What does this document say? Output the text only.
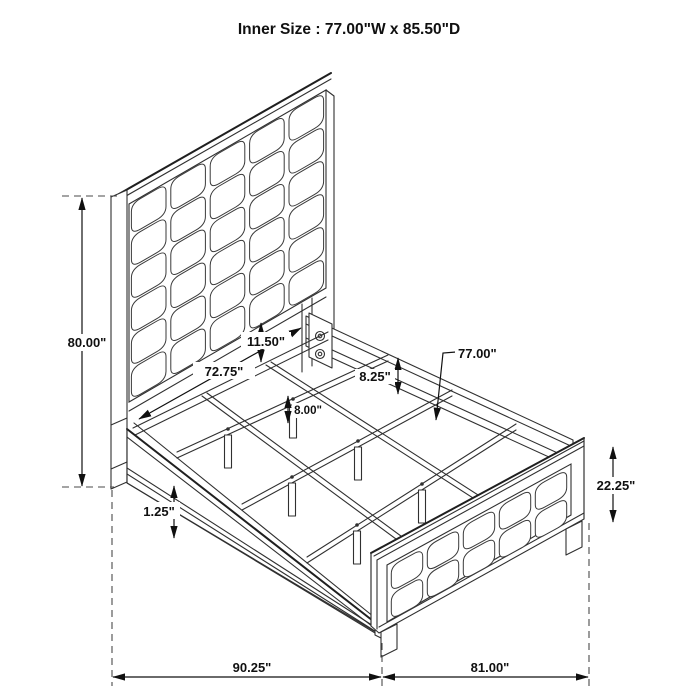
80.00"
72.75"
11.50"
8.25"
8.00"
77.00"
22.25"
1.25"
90.25"	81.00"
Inner Size : 77.00"W x 85.50"D
